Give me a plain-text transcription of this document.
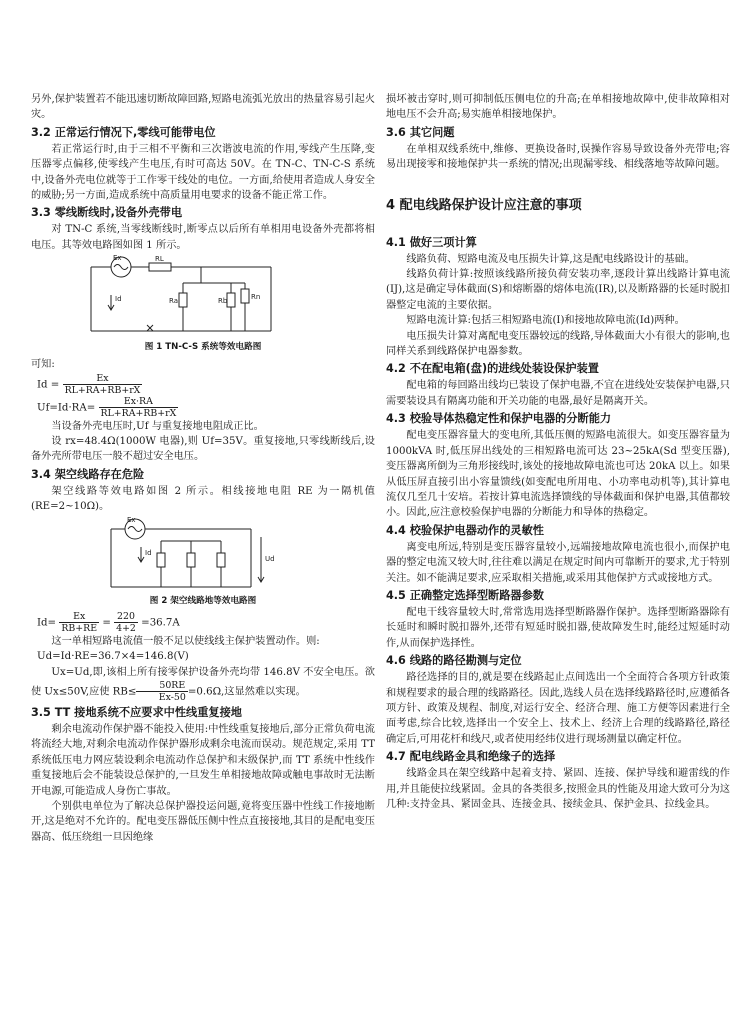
另外,保护装置若不能迅速切断故障回路,短路电流弧光放出的热量容易引起火灾。

3.2 正常运行情况下,零线可能带电位

若正常运行时,由于三相不平衡和三次谐波电流的作用,零线产生压降,变压器零点偏移,使零线产生电压,有时可高达 50V。在 TN-C、TN-C-S 系统中,设备外壳电位就等于工作零干线处的电位。一方面,给使用者造成人身安全的威胁;另一方面,造成系统中高质量用电要求的设备不能正常工作。

3.3 零线断线时,设备外壳带电

对 TN-C 系统,当零线断线时,断零点以后所有单相用电设备外壳都将相电压。其等效电路图如图 1 所示。

Ex	RL
Ra	Rb	Rn
Id

图 1 TN-C-S 系统等效电路图

可知:

$Id = \frac{Ex}{RL+RA+RB+rX}$
$Uf=Id\cdot RA= \frac{Ex\cdot RA}{RL+RA+RB+rX}$

当设备外壳电压时,Uf 与重复接地电阻成正比。

设 rx=48.4Ω(1000W 电器),则 Uf=35V。重复接地,只零线断线后,设备外壳所带电压一般不超过安全电压。

3.4 架空线路存在危险

架空线路等效电路如图 2 所示。相线接地电阻 RE 为一隔机值(RE=2~10Ω)。

Ex
Id
Ud

图 2 架空线路地等效电路图

$Id= \frac{Ex}{RB+RE} = \frac{220}{4+2} =36.7A$

这一单相短路电流值一般不足以使线线主保护装置动作。则:

Ud=Id·RE=36.7×4=146.8(V)

Ux=Ud,即,该相上所有接零保护设备外壳均带 146.8V 不安全电压。欲使 Ux≤50V,应使 $RB\le \frac{50RE}{Ex-50} =0.6\Omega$,这显然难以实现。

3.5 TT 接地系统不应要求中性线重复接地

剩余电流动作保护器不能投入使用:中性线重复接地后,部分正常负荷电流将流经大地,对剩余电流动作保护器形成剩余电流而误动。规范规定,采用 TT 系统低压电力网应装设剩余电流动作总保护和末级保护,而 TT 系统中性线作重复接地后会不能装设总保护的,一旦发生单相接地故障或触电事故时无法断开电源,可能造成人身伤亡事故。

个别供电单位为了解决总保护器投运问题,竟将变压器中性线工作接地断开,这是绝对不允许的。配电变压器低压侧中性点直接接地,其目的是配电变压器高、低压绕组一旦因绝缘

损坏被击穿时,则可抑制低压侧电位的升高;在单相接地故障中,使非故障相对地电压不会升高;易实施单相接地保护。

3.6 其它问题

在单相双线系统中,维修、更换设备时,误操作容易导致设备外壳带电;容易出现接零和接地保护共一系统的情况;出现漏零线、相线落地等故障问题。

4 配电线路保护设计应注意的事项
4.1 做好三项计算

线路负荷、短路电流及电压损失计算,这是配电线路设计的基础。

线路负荷计算:按照该线路所接负荷安装功率,逐段计算出线路计算电流(IJ),这是确定导体截面(S)和熔断器的熔体电流(IR),以及断路器的长延时脱扣器整定电流的主要依据。

短路电流计算:包括三相短路电流(I)和接地故障电流(Id)两种。

电压损失计算对离配电变压器较远的线路,导体截面大小有很大的影响,也同样关系到线路保护电器参数。

4.2 不在配电箱(盘)的进线处装设保护装置

配电箱的每回路出线均已装设了保护电器,不宜在进线处安装保护电器,只需要装设具有隔离功能和开关功能的电器,最好是隔离开关。

4.3 校验导体热稳定性和保护电器的分断能力

配电变压器容量大的变电所,其低压侧的短路电流很大。如变压器容量为 1000kVA 时,低压屏出线处的三相短路电流可达 23~25kA(Sd 型变压器),变压器离所倒为三角形接线时,该处的接地故障电流也可达 20kA 以上。如果从低压屏直接引出小容量馈线(如变配电所用电、小功率电动机等),其计算电流仅几至几十安培。若按计算电流选择馈线的导体截面和保护电器,其值都较小。因此,应注意校验保护电器的分断能力和导体的热稳定。

4.4 校验保护电器动作的灵敏性

离变电所远,特别是变压器容量较小,远端接地故障电流也很小,而保护电器的整定电流又较大时,往往难以满足在规定时间内可靠断开的要求,尤于特别关注。如不能满足要求,应采取相关措施,或采用其他保护方式或接地方式。

4.5 正确整定选择型断路器参数

配电干线容量较大时,常常选用选择型断路器作保护。选择型断路器除有长延时和瞬时脱扣器外,还带有短延时脱扣器,使故障发生时,能经过短延时动作,从而保护选择性。

4.6 线路的路径勘测与定位

路径选择的目的,就是要在线路起止点间选出一个全面符合各项方针政策和规程要求的最合理的线路路径。因此,选线人员在选择线路路径时,应遵循各项方针、政策及规程、制度,对运行安全、经济合理、施工方便等因素进行全面考虑,综合比较,选择出一个安全上、技术上、经济上合理的线路路径,路径确定后,可用花杆和线尺,或者使用经纬仪进行现场测量以确定杆位。

4.7 配电线路金具和绝缘子的选择

线路金具在架空线路中起着支持、紧固、连接、保护导线和避雷线的作用,并且能使拉线紧固。金具的各类很多,按照金具的性能及用途大致可分为这几种:支持金具、紧固金具、连接金具、接续金具、保护金具、拉线金具。
